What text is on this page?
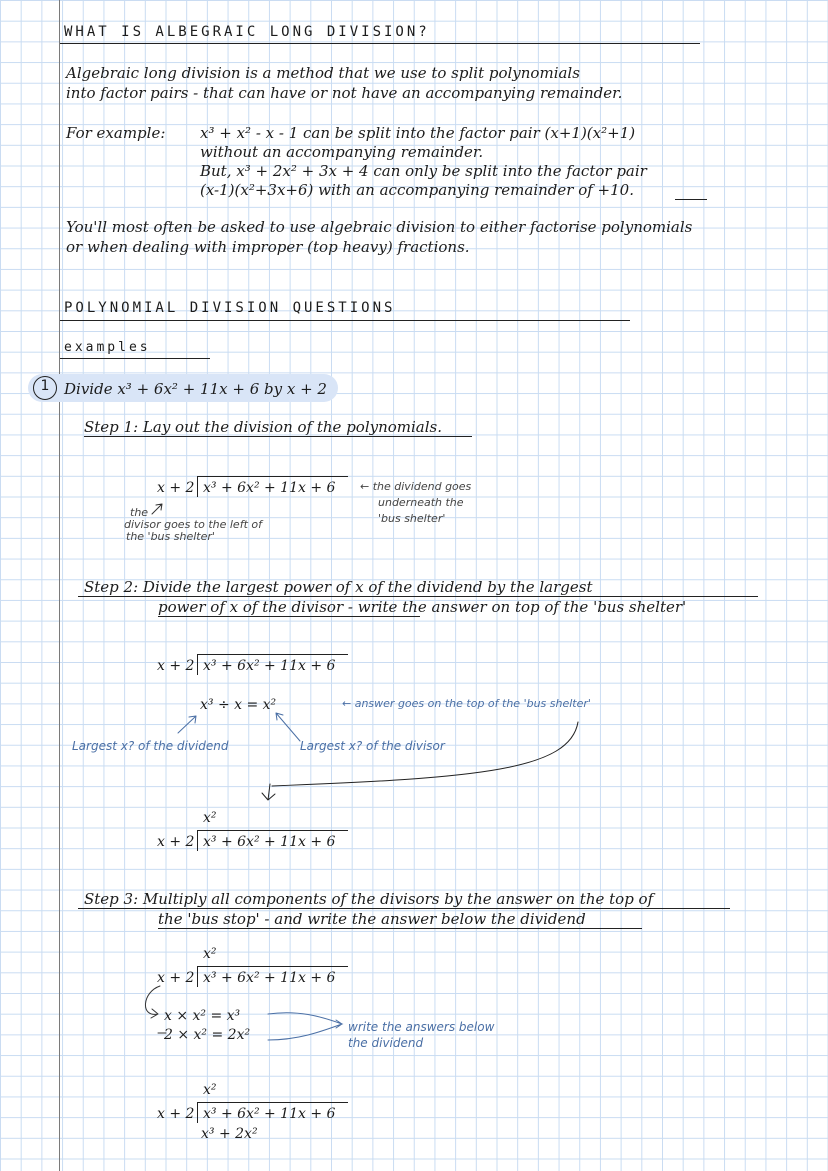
WHAT IS ALBEGRAIC LONG DIVISION?
Algebraic long division is a method that we use to split polynomials
into factor pairs - that can have or not have an accompanying remainder.
For example: x³ + x² - x - 1 can be split into the factor pair (x+1)(x²+1)
without an accompanying remainder.
But, x³ + 2x² + 3x + 4 can only be split into the factor pair
(x-1)(x²+3x+6) with an accompanying remainder of +10.
You'll most often be asked to use algebraic division to either factorise polynomials
or when dealing with improper (top heavy) fractions.
POLYNOMIAL DIVISION QUESTIONS
examples
1 Divide x³ + 6x² + 11x + 6 by x + 2
Step 1: Lay out the division of the polynomials.
x + 2 x³ + 6x² + 11x + 6 ← the dividend goes
underneath the
'bus shelter'
the
divisor goes to the left of
the 'bus shelter'
Step 2: Divide the largest power of x of the dividend by the largest
power of x of the divisor - write the answer on top of the 'bus shelter'
x + 2 x³ + 6x² + 11x + 6
x³ ÷ x = x²	← answer goes on the top of the 'bus shelter'
Largest x? of the dividend	Largest x? of the divisor
x²
x + 2 x³ + 6x² + 11x + 6
Step 3: Multiply all components of the divisors by the answer on the top of
the 'bus stop' - and write the answer below the dividend
x²
x + 2 x³ + 6x² + 11x + 6
x × x² = x³
2 × x² = 2x²	write the answers below
the dividend
x²
x + 2 x³ + 6x² + 11x + 6
x³ + 2x²
